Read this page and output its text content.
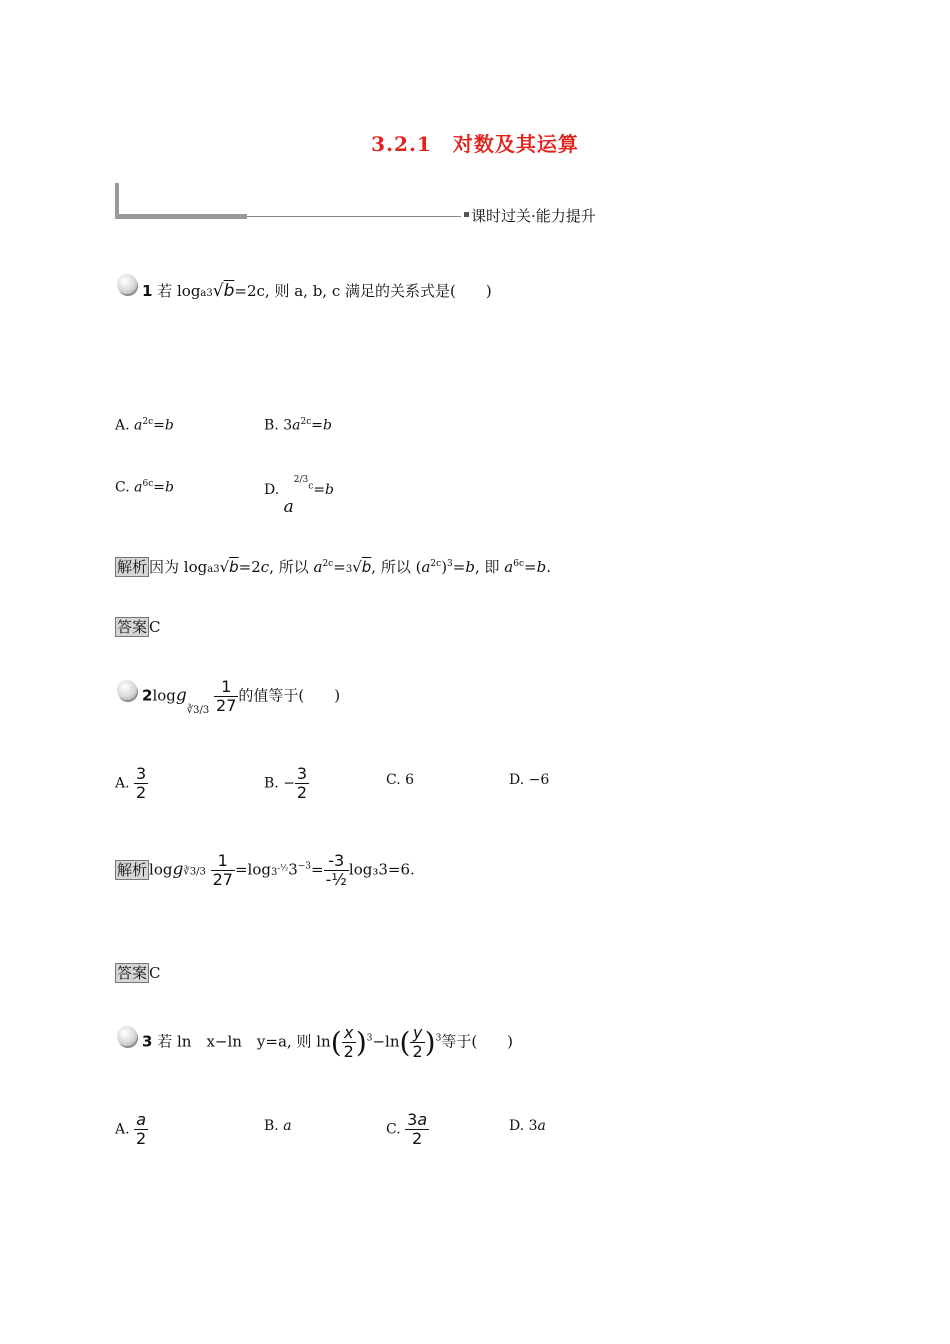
3.2.1　对数及其运算
课时过关·能力提升
1 若 loga3√b=2c, 则 a, b, c 满足的关系式是(　　)
A. $a^{2c}=b$	B. $3a^{2c}=b$
C. $a^{6c}=b$	D. $a^{2/3c}=b$
解析 因为 loga3√b=2c, 所以 $a^{2c}=3√b$, 所以 $(a^{2c})^3=b$, 即 $a^{6c}=b$.
答案 C
$2\log g_{∛3/3} \frac{1}{27}$ 的值等于(　　)
A. $\frac{3}{2}$	B. − $\frac{3}{2}$	C. 6	D. −6
解析 logg∛3/3 $\frac{1}{27} =\log 3^{-\frac{1}{2}}3^{-3}= \frac{-3}{\text{-½}} \log_33=6$.
答案 C
3 若 ln　x−ln　y=a, 则 $\ln( \frac{x}{2} )^3-\ln( \frac{y}{2} )^3$等于(　　)
A. $\frac{a}{2}$	B. a	C. $\frac{3a}{2}$	D. 3a
